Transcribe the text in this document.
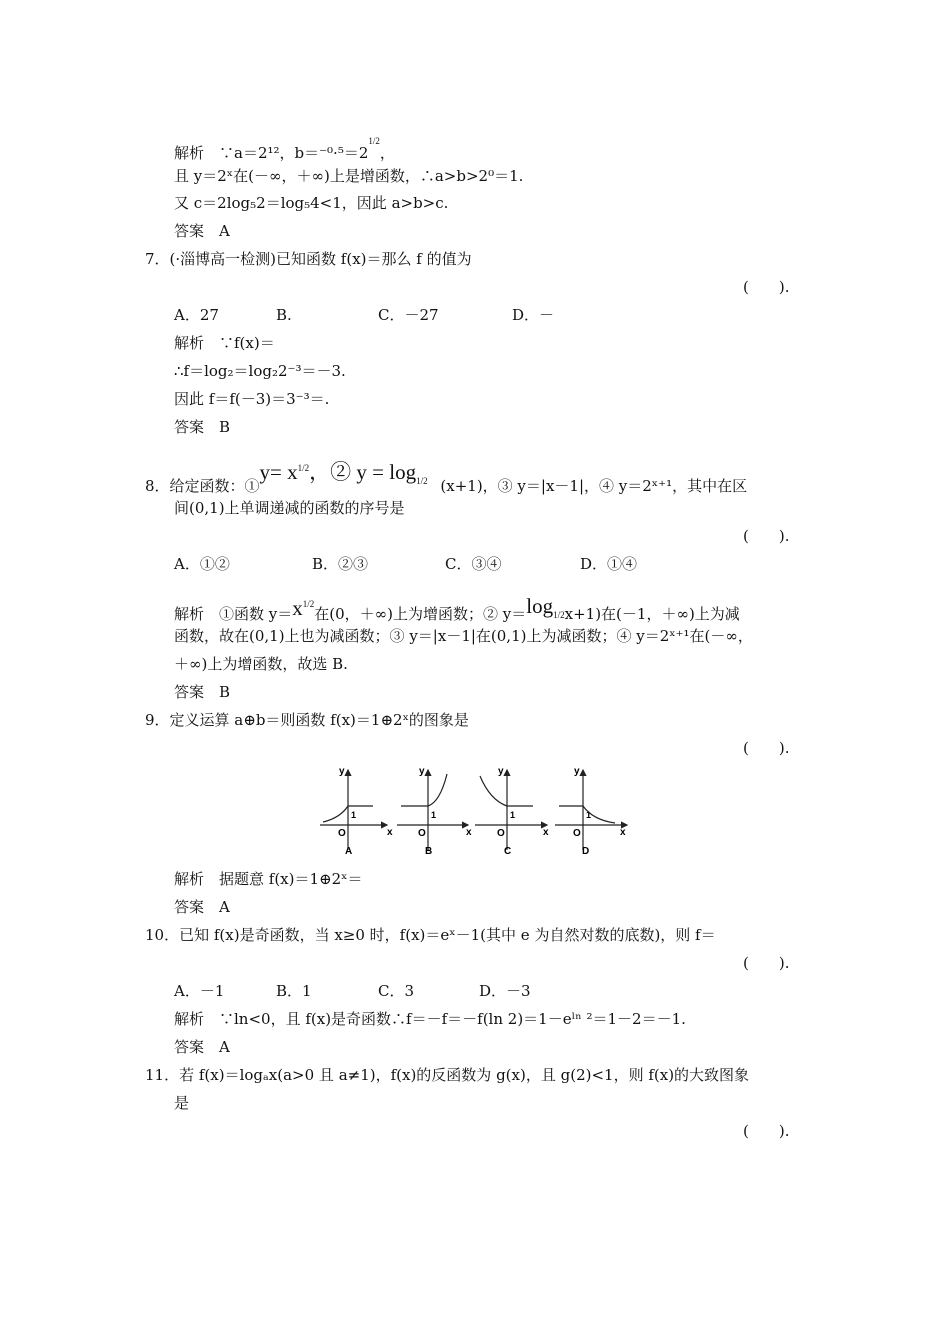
解析　∵a＝2¹²，$b=^{-0}\cdot^5=2^{1/2}$，
且 y＝2ˣ在(－∞，＋∞)上是增函数，∴a>b>2⁰＝1.
又 c＝2log₅2＝log₅4<1，因此 a>b>c.
答案　A
7．(·淄博高一检测)已知函数 f(x)＝那么 f 的值为
(　　).
A．27	B.	C．－27	D．－
解析　∵f(x)＝
∴f＝log₂＝log₂2⁻³＝－3.
因此 f＝f(－3)＝3⁻³＝.
答案　B
8．给定函数：①y= $x^{1/2}$，② $y = \log_{1/2} (x+1)$，③ y＝|x－1|，④ y＝2ˣ⁺¹，其中在区
间(0,1)上单调递减的函数的序号是
(　　).
A．①②	B．②③	C．③④	D．①④
解析　①函数 $y=x^{1/2}$在(0，＋∞)上为增函数；② $y=\log_{1/2}x+1$)在(－1，＋∞)上为减
函数，故在(0,1)上也为减函数；③ y＝|x－1|在(0,1)上为减函数；④ y＝2ˣ⁺¹在(－∞，
＋∞)上为增函数，故选 B.
答案　B
9．定义运算 a⊕b＝则函数 f(x)＝1⊕2ˣ的图象是
(　　).
y
x
O
1
A
y
x
O
1
B
y
x
O
1
C
y
x
O
1
D
解析　据题意 f(x)＝1⊕2ˣ＝
答案　A
10．已知 f(x)是奇函数，当 x≥0 时，f(x)＝eˣ－1(其中 e 为自然对数的底数)，则 f＝
(　　).
A．－1	B．1	C．3	D．－3
解析　∵ln<0，且 f(x)是奇函数∴f＝－f＝－f(ln 2)＝1－eˡⁿ ²＝1－2＝－1.
答案　A
11．若 f(x)＝logₐx(a>0 且 a≠1)，f(x)的反函数为 g(x)，且 g(2)<1，则 f(x)的大致图象
是
(　　).
